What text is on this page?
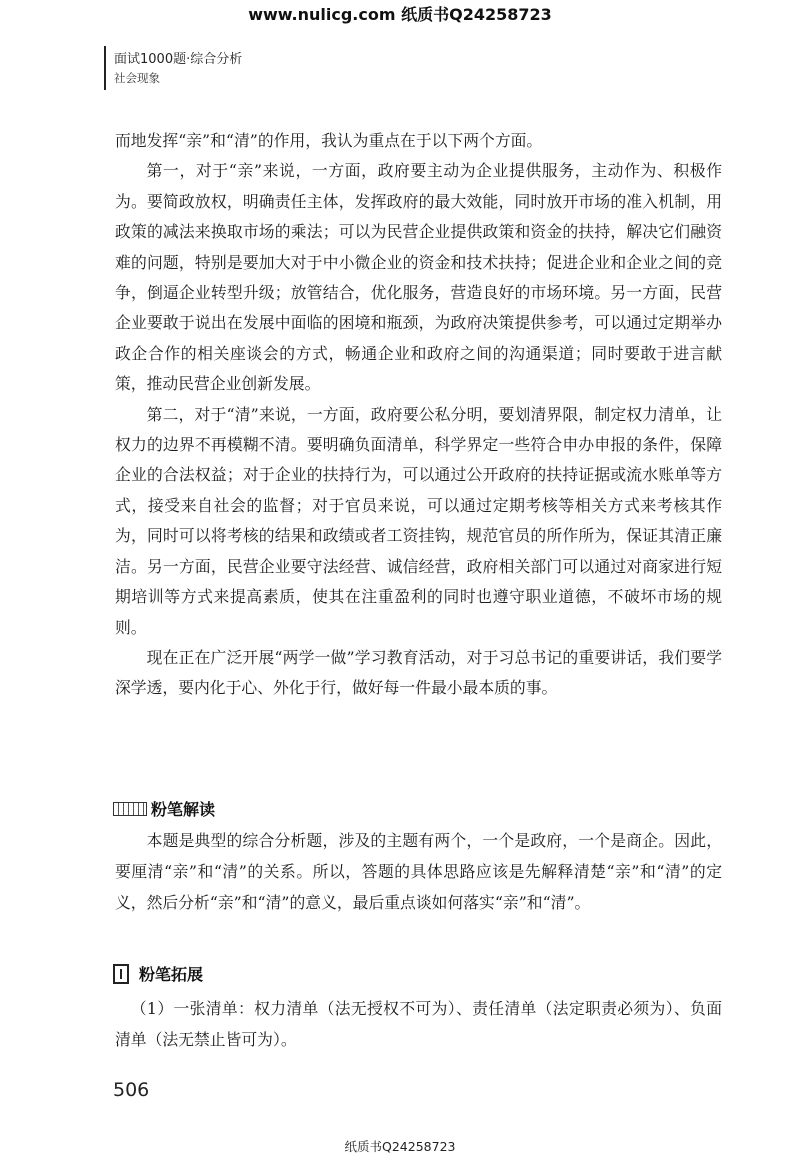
www.nulicg.com 纸质书Q24258723
面试1000题·综合分析
社会现象

而地发挥“亲”和“清”的作用，我认为重点在于以下两个方面。

第一，对于“亲”来说，一方面，政府要主动为企业提供服务，主动作为、积极作为。要简政放权，明确责任主体，发挥政府的最大效能，同时放开市场的准入机制，用政策的减法来换取市场的乘法；可以为民营企业提供政策和资金的扶持，解决它们融资难的问题，特别是要加大对于中小微企业的资金和技术扶持；促进企业和企业之间的竞争，倒逼企业转型升级；放管结合，优化服务，营造良好的市场环境。另一方面，民营企业要敢于说出在发展中面临的困境和瓶颈，为政府决策提供参考，可以通过定期举办政企合作的相关座谈会的方式，畅通企业和政府之间的沟通渠道；同时要敢于进言献策，推动民营企业创新发展。

第二，对于“清”来说，一方面，政府要公私分明，要划清界限，制定权力清单，让权力的边界不再模糊不清。要明确负面清单，科学界定一些符合申办申报的条件，保障企业的合法权益；对于企业的扶持行为，可以通过公开政府的扶持证据或流水账单等方式，接受来自社会的监督；对于官员来说，可以通过定期考核等相关方式来考核其作为，同时可以将考核的结果和政绩或者工资挂钩，规范官员的所作所为，保证其清正廉洁。另一方面，民营企业要守法经营、诚信经营，政府相关部门可以通过对商家进行短期培训等方式来提高素质，使其在注重盈利的同时也遵守职业道德，不破坏市场的规则。

现在正在广泛开展“两学一做”学习教育活动，对于习总书记的重要讲话，我们要学深学透，要内化于心、外化于行，做好每一件最小最本质的事。

粉笔解读

本题是典型的综合分析题，涉及的主题有两个，一个是政府，一个是商企。因此，要厘清“亲”和“清”的关系。所以，答题的具体思路应该是先解释清楚“亲”和“清”的定义，然后分析“亲”和“清”的意义，最后重点谈如何落实“亲”和“清”。

粉笔拓展

（1）一张清单：权力清单（法无授权不可为）、责任清单（法定职责必须为）、负面清单（法无禁止皆可为）。

506
纸质书Q24258723
